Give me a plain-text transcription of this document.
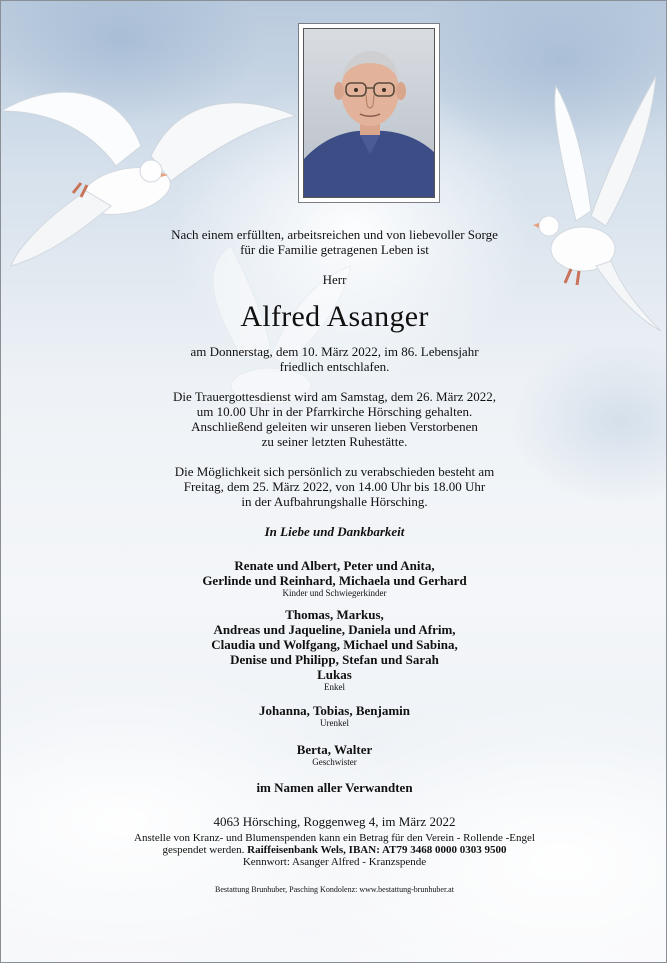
Nach einem erfüllten, arbeitsreichen und von liebevoller Sorge

für die Familie getragenen Leben ist

Herr

Alfred Asanger

am Donnerstag, dem 10. März 2022, im 86. Lebensjahr

friedlich entschlafen.

Die Trauergottesdienst wird am Samstag, dem 26. März 2022,

um 10.00 Uhr in der Pfarrkirche Hörsching gehalten.

Anschließend geleiten wir unseren lieben Verstorbenen

zu seiner letzten Ruhestätte.

Die Möglichkeit sich persönlich zu verabschieden besteht am

Freitag, dem 25. März 2022, von 14.00 Uhr bis 18.00 Uhr

in der Aufbahrungshalle Hörsching.

In Liebe und Dankbarkeit

Renate und Albert, Peter und Anita,

Gerlinde und Reinhard, Michaela und Gerhard

Kinder und Schwiegerkinder

Thomas, Markus,

Andreas und Jaqueline, Daniela und Afrim,

Claudia und Wolfgang, Michael und Sabina,

Denise und Philipp, Stefan und Sarah

Lukas

Enkel

Johanna, Tobias, Benjamin

Urenkel

Berta, Walter

Geschwister

im Namen aller Verwandten

4063 Hörsching, Roggenweg 4, im März 2022

Anstelle von Kranz- und Blumenspenden kann ein Betrag für den Verein - Rollende -Engel

gespendet werden. Raiffeisenbank Wels, IBAN: AT79 3468 0000 0303 9500

Kennwort: Asanger Alfred - Kranzspende

Bestattung Brunhuber, Pasching Kondolenz: www.bestattung-brunhuber.at
